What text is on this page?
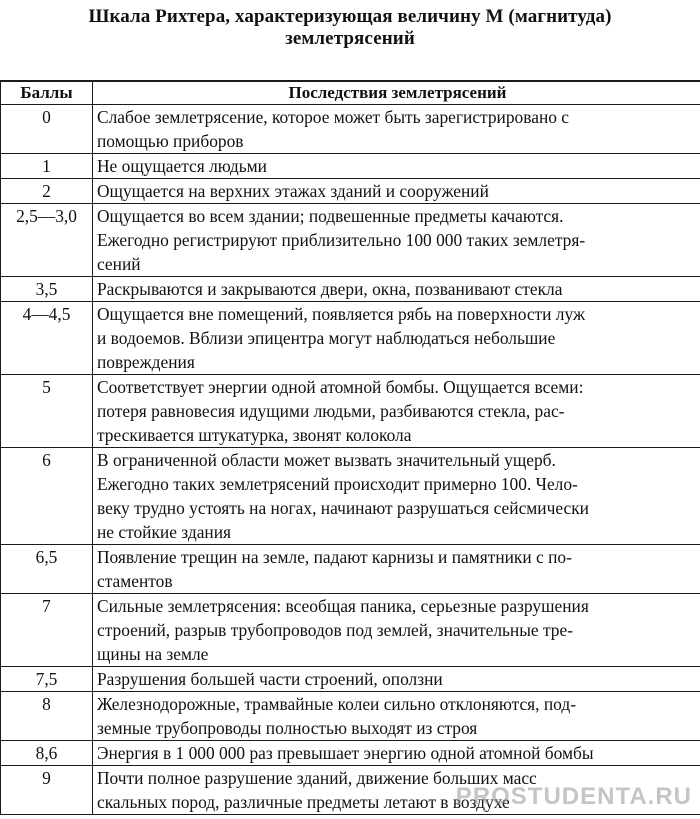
Шкала Рихтера, характеризующая величину М (магнитуда)
землетрясений
Баллы	Последствия землетрясений
0	Слабое землетрясение, которое может быть зарегистрировано с
помощью приборов

1	Не ощущается людьми

2	Ощущается на верхних этажах зданий и сооружений

2,5—3,0	Ощущается во всем здании; подвешенные предметы качаются.
Ежегодно регистрируют приблизительно 100 000 таких землетря-
сений

3,5	Раскрываются и закрываются двери, окна, позванивают стекла

4—4,5	Ощущается вне помещений, появляется рябь на поверхности луж
и водоемов. Вблизи эпицентра могут наблюдаться небольшие
повреждения

5	Соответствует энергии одной атомной бомбы. Ощущается всеми:
потеря равновесия идущими людьми, разбиваются стекла, рас-
трескивается штукатурка, звонят колокола

6	В ограниченной области может вызвать значительный ущерб.
Ежегодно таких землетрясений происходит примерно 100. Чело-
веку трудно устоять на ногах, начинают разрушаться сейсмически
не стойкие здания

6,5	Появление трещин на земле, падают карнизы и памятники с по-
стаментов

7	Сильные землетрясения: всеобщая паника, серьезные разрушения
строений, разрыв трубопроводов под землей, значительные тре-
щины на земле

7,5	Разрушения большей части строений, оползни

8	Железнодорожные, трамвайные колеи сильно отклоняются, под-
земные трубопроводы полностью выходят из строя

8,6	Энергия в 1 000 000 раз превышает энергию одной атомной бомбы

9	Почти полное разрушение зданий, движение больших масс
скальных пород, различные предметы летают в воздухе
PROSTUDENTA.RU
